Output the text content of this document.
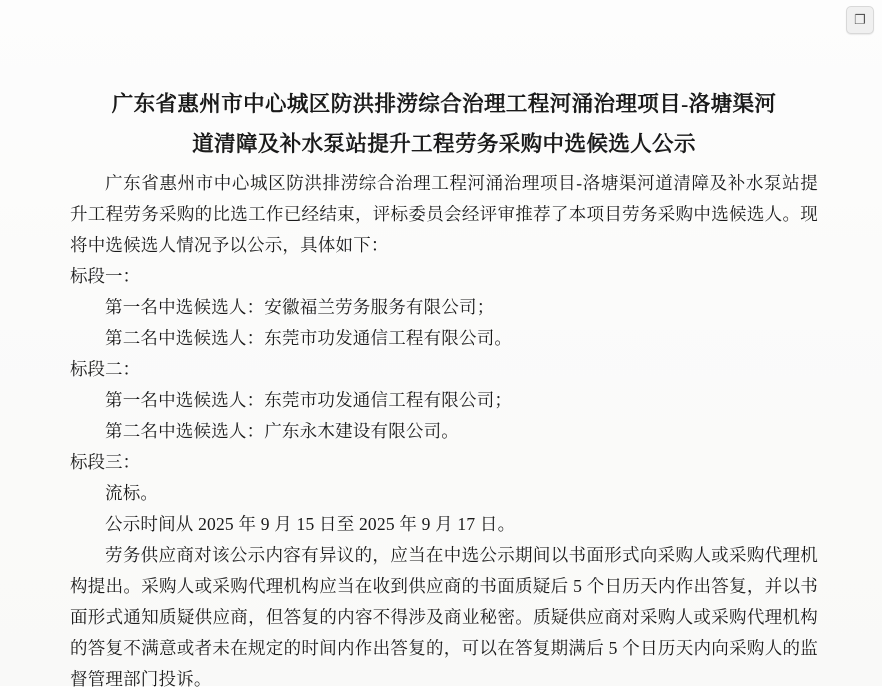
❐
广东省惠州市中心城区防洪排涝综合治理工程河涌治理项目-洛塘渠河
道清障及补水泵站提升工程劳务采购中选候选人公示

广东省惠州市中心城区防洪排涝综合治理工程河涌治理项目-洛塘渠河道清障及补水泵站提升工程劳务采购的比选工作已经结束，评标委员会经评审推荐了本项目劳务采购中选候选人。现将中选候选人情况予以公示，具体如下：

标段一：

第一名中选候选人：安徽福兰劳务服务有限公司；

第二名中选候选人：东莞市功发通信工程有限公司。

标段二：

第一名中选候选人：东莞市功发通信工程有限公司；

第二名中选候选人：广东永木建设有限公司。

标段三：

流标。

公示时间从 2025 年 9 月 15 日至 2025 年 9 月 17 日。

劳务供应商对该公示内容有异议的，应当在中选公示期间以书面形式向采购人或采购代理机构提出。采购人或采购代理机构应当在收到供应商的书面质疑后 5 个日历天内作出答复，并以书面形式通知质疑供应商，但答复的内容不得涉及商业秘密。质疑供应商对采购人或采购代理机构的答复不满意或者未在规定的时间内作出答复的，可以在答复期满后 5 个日历天内向采购人的监督管理部门投诉。
